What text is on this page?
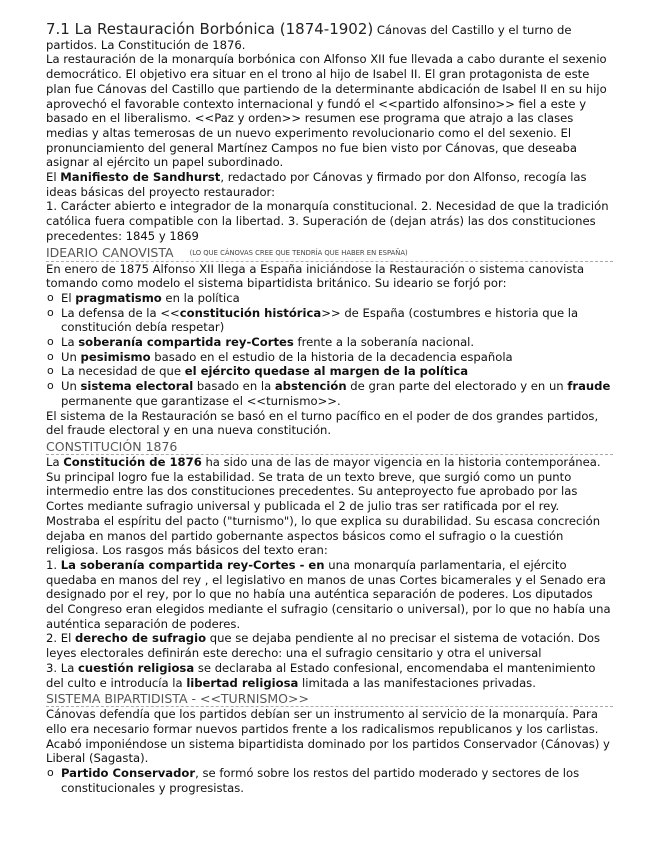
7.1 La Restauración Borbónica (1874-1902) Cánovas del Castillo y el turno de partidos. La Constitución de 1876.

La restauración de la monarquía borbónica con Alfonso XII fue llevada a cabo durante el sexenio democrático. El objetivo era situar en el trono al hijo de Isabel II. El gran protagonista de este plan fue Cánovas del Castillo que partiendo de la determinante abdicación de Isabel II en su hijo aprovechó el favorable contexto internacional y fundó el <<partido alfonsino>> fiel a este y basado en el liberalismo. <<Paz y orden>> resumen ese programa que atrajo a las clases medias y altas temerosas de un nuevo experimento revolucionario como el del sexenio. El pronunciamiento del general Martínez Campos no fue bien visto por Cánovas, que deseaba asignar al ejército un papel subordinado.

El Manifiesto de Sandhurst, redactado por Cánovas y firmado por don Alfonso, recogía las ideas básicas del proyecto restaurador:

1. Carácter abierto e integrador de la monarquía constitucional. 2. Necesidad de que la tradición católica fuera compatible con la libertad. 3. Superación de (dejan atrás) las dos constituciones precedentes: 1845 y 1869

IDEARIO CANOVISTA (LO QUE CÁNOVAS CREE QUE TENDRÍA QUE HABER EN ESPAÑA)

En enero de 1875 Alfonso XII llega a España iniciándose la Restauración o sistema canovista tomando como modelo el sistema bipartidista británico. Su ideario se forjó por:

o El pragmatismo en la política
o La defensa de la <<constitución histórica>> de España (costumbres e historia que la constitución debía respetar)
o La soberanía compartida rey-Cortes frente a la soberanía nacional.
o Un pesimismo basado en el estudio de la historia de la decadencia española
o La necesidad de que el ejército quedase al margen de la política
o Un sistema electoral basado en la abstención de gran parte del electorado y en un fraude permanente que garantizase el <<turnismo>>.

El sistema de la Restauración se basó en el turno pacífico en el poder de dos grandes partidos, del fraude electoral y en una nueva constitución.

CONSTITUCIÓN 1876

La Constitución de 1876 ha sido una de las de mayor vigencia en la historia contemporánea. Su principal logro fue la estabilidad. Se trata de un texto breve, que surgió como un punto intermedio entre las dos constituciones precedentes. Su anteproyecto fue aprobado por las Cortes mediante sufragio universal y publicada el 2 de julio tras ser ratificada por el rey. Mostraba el espíritu del pacto ("turnismo"), lo que explica su durabilidad. Su escasa concreción dejaba en manos del partido gobernante aspectos básicos como el sufragio o la cuestión religiosa. Los rasgos más básicos del texto eran:

1. La soberanía compartida rey-Cortes - en una monarquía parlamentaria, el ejército quedaba en manos del rey , el legislativo en manos de unas Cortes bicamerales y el Senado era designado por el rey, por lo que no había una auténtica separación de poderes. Los diputados del Congreso eran elegidos mediante el sufragio (censitario o universal), por lo que no había una auténtica separación de poderes.

2. El derecho de sufragio que se dejaba pendiente al no precisar el sistema de votación. Dos leyes electorales definirán este derecho: una el sufragio censitario y otra el universal

3. La cuestión religiosa se declaraba al Estado confesional, encomendaba el mantenimiento del culto e introducía la libertad religiosa limitada a las manifestaciones privadas.

SISTEMA BIPARTIDISTA - <<TURNISMO>>

Cánovas defendía que los partidos debían ser un instrumento al servicio de la monarquía. Para ello era necesario formar nuevos partidos frente a los radicalismos republicanos y los carlistas. Acabó imponiéndose un sistema bipartidista dominado por los partidos Conservador (Cánovas) y Liberal (Sagasta).

o Partido Conservador, se formó sobre los restos del partido moderado y sectores de los constitucionales y progresistas.
